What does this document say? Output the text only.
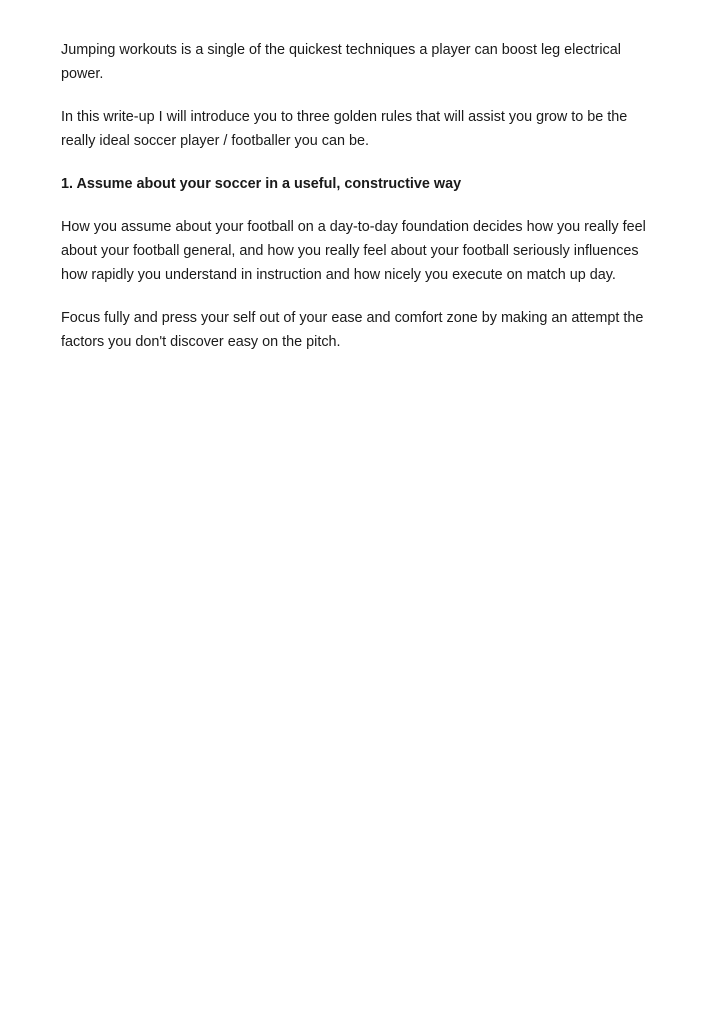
Jumping workouts is a single of the quickest techniques a player can boost leg electrical
power.

In this write-up I will introduce you to three golden rules that will assist you grow to be the
really ideal soccer player / footballer you can be.

1. Assume about your soccer in a useful, constructive way

How you assume about your football on a day-to-day foundation decides how you really feel
about your football general, and how you really feel about your football seriously influences
how rapidly you understand in instruction and how nicely you execute on match up day.

Focus fully and press your self out of your ease and comfort zone by making an attempt the
factors you don't discover easy on the pitch.
